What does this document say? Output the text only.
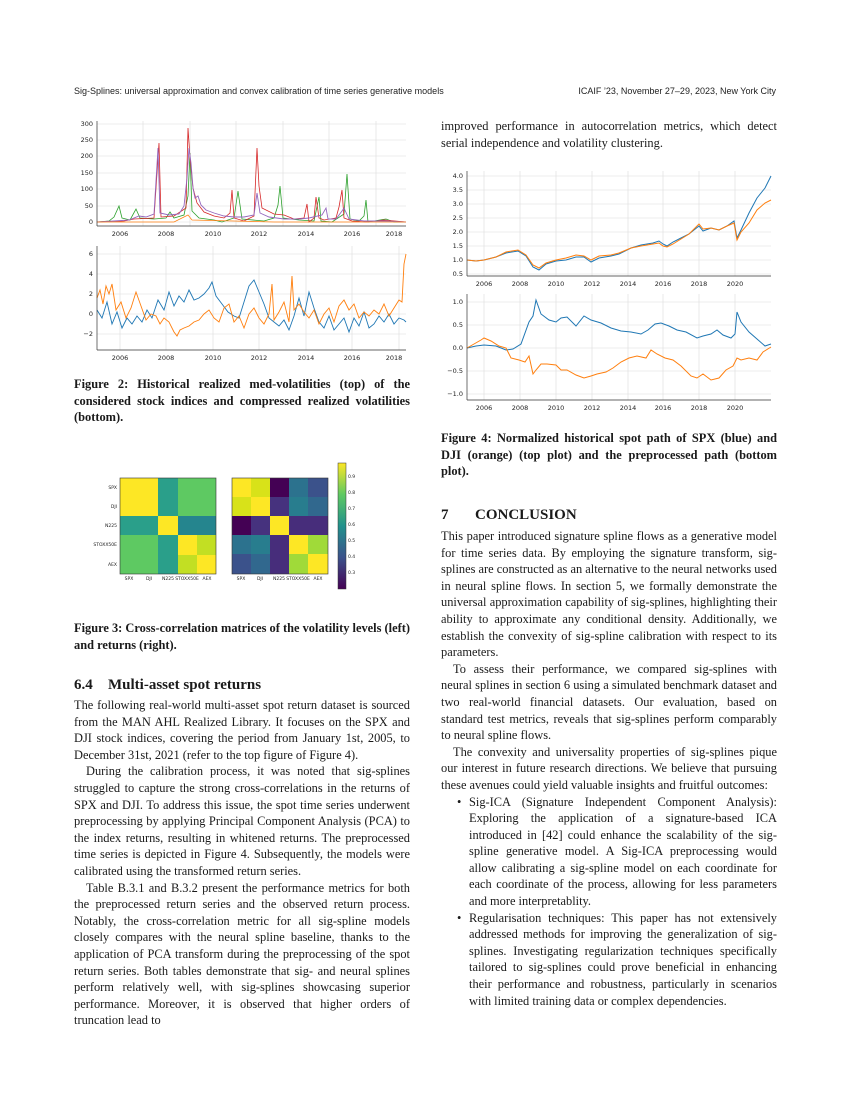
Sig-Splines: universal approximation and convex calibration of time series generative models	ICAIF ’23, November 27–29, 2023, New York City
0
50
100
150
200
250
300
2006	2008	2010	2012	2014	2016	2018
−2
0
2
4
6
2006	2008	2010	2012	2014	2016	2018
Figure 2: Historical realized med-volatilities (top) of the considered stock indices and compressed realized volatilities (bottom).
SPX
DJI
N225
STOXX50E
AEX
SPX	DJI N225 STOXX50E AEX	SPX	DJI N225 STOXX50E AEX
0.9
0.8
0.7
0.6
0.5
0.4
0.3
Figure 3: Cross-correlation matrices of the volatility levels (left) and returns (right).
6.4 Multi-asset spot returns

The following real-world multi-asset spot return dataset is sourced from the MAN AHL Realized Library. It focuses on the SPX and DJI stock indices, covering the period from January 1st, 2005, to December 31st, 2021 (refer to the top figure of Figure 4).

During the calibration process, it was noted that sig-splines struggled to capture the strong cross-correlations in the returns of SPX and DJI. To address this issue, the spot time series underwent preprocessing by applying Principal Component Analysis (PCA) to the index returns, resulting in whitened returns. The preprocessed time series is depicted in Figure 4. Subsequently, the models were calibrated using the transformed return series.

Table B.3.1 and B.3.2 present the performance metrics for both the preprocessed return series and the observed return process. Notably, the cross-correlation metric for all sig-spline models closely compares with the neural spline baseline, thanks to the application of PCA transform during the preprocessing of the spot return series. Both tables demonstrate that sig- and neural splines perform relatively well, with sig-splines showcasing superior performance. Moreover, it is observed that higher orders of truncation lead to

improved performance in autocorrelation metrics, which detect serial independence and volatility clustering.
0.5
1.0
1.5
2.0
2.5
3.0
3.5
4.0
2006	2008	2010	2012	2014	2016	2018	2020
−1.0
−0.5
0.0
0.5
1.0
2006	2008	2010	2012	2014	2016	2018	2020
Figure 4: Normalized historical spot path of SPX (blue) and DJI (orange) (top plot) and the preprocessed path (bottom plot).
7 CONCLUSION

This paper introduced signature spline flows as a generative model for time series data. By employing the signature transform, sig-splines are constructed as an alternative to the neural networks used in neural spline flows. In section 5, we formally demonstrate the universal approximation capability of sig-splines, highlighting their ability to approximate any conditional density. Additionally, we establish the convexity of sig-spline calibration with respect to its parameters.

To assess their performance, we compared sig-splines with neural splines in section 6 using a simulated benchmark dataset and two real-world financial datasets. Our evaluation, based on standard test metrics, reveals that sig-splines perform comparably to neural spline flows.

The convexity and universality properties of sig-splines pique our interest in future research directions. We believe that pursuing these avenues could yield valuable insights and fruitful outcomes:

• Sig-ICA (Signature Independent Component Analysis): Exploring the application of a signature-based ICA introduced in [42] could enhance the scalability of the sig-spline generative model. A Sig-ICA preprocessing would allow calibrating a sig-spline model on each coordinate for each coordinate of the process, allowing for less parameters and more interpretablity.
• Regularisation techniques: This paper has not extensively addressed methods for improving the generalization of sig-splines. Investigating regularization techniques specifically tailored to sig-splines could prove beneficial in enhancing their performance and robustness, particularly in scenarios with limited training data or complex dependencies.
